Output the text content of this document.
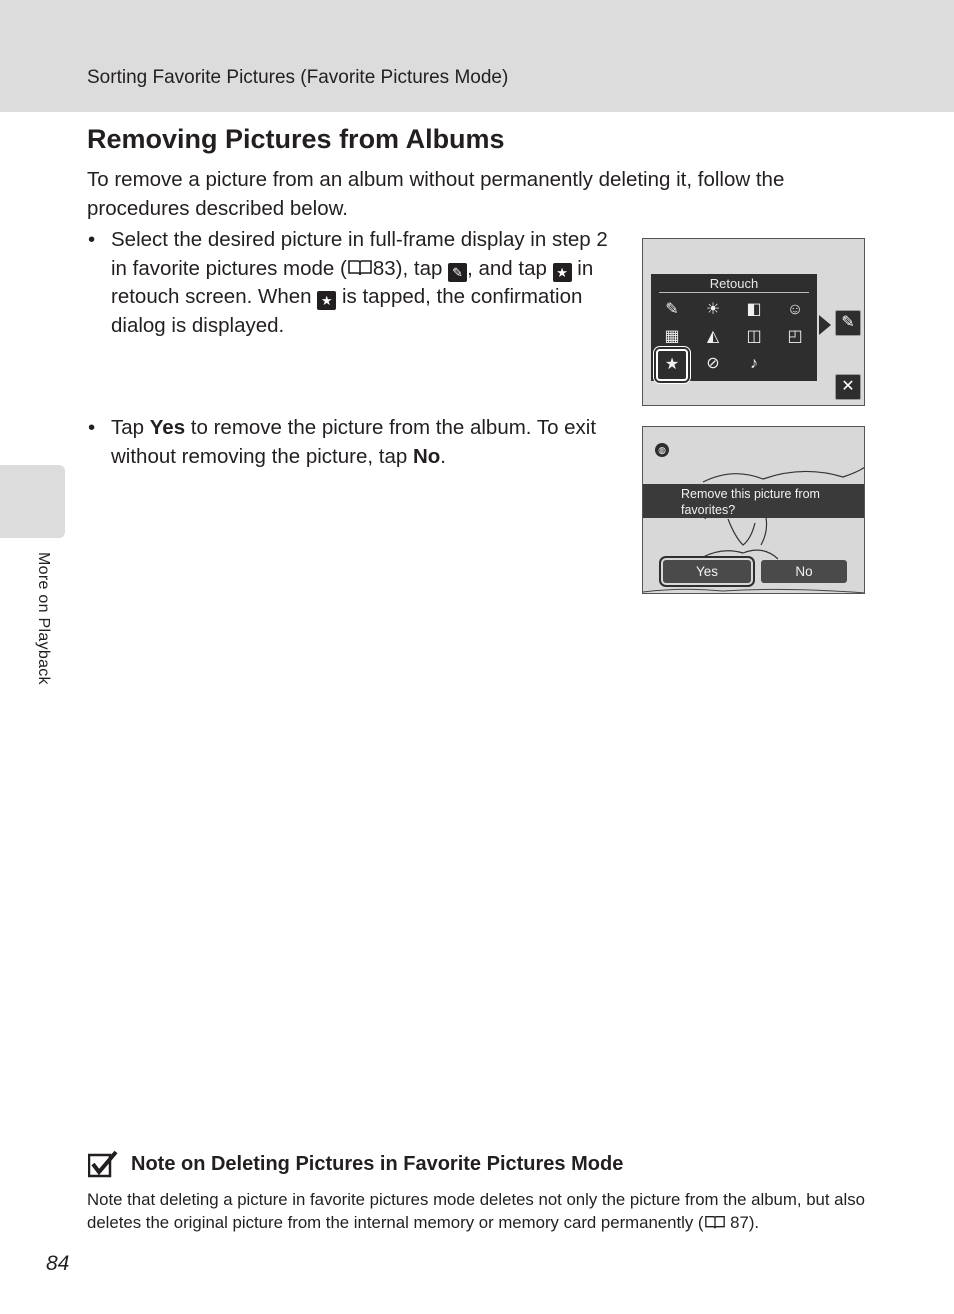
Sorting Favorite Pictures (Favorite Pictures Mode)
More on Playback
Removing Pictures from Albums

To remove a picture from an album without permanently deleting it, follow the procedures described below.

• Select the desired picture in full-frame display in step 2 in favorite pictures mode ( 83), tap ✎ , and tap ★ in retouch screen. When ★ is tapped, the confirmation dialog is displayed.
• Tap Yes to remove the picture from the album. To exit without removing the picture, tap No.
Retouch
✎ ☀ ◧ ☺
▦	◭	◫ ◰
★	⊘	♪
✎
✕
◍
Remove this picture from favorites?
Yes	No
Note on Deleting Pictures in Favorite Pictures Mode

Note that deleting a picture in favorite pictures mode deletes not only the picture from the album, but also deletes the original picture from the internal memory or memory card permanently ( 87).

84
